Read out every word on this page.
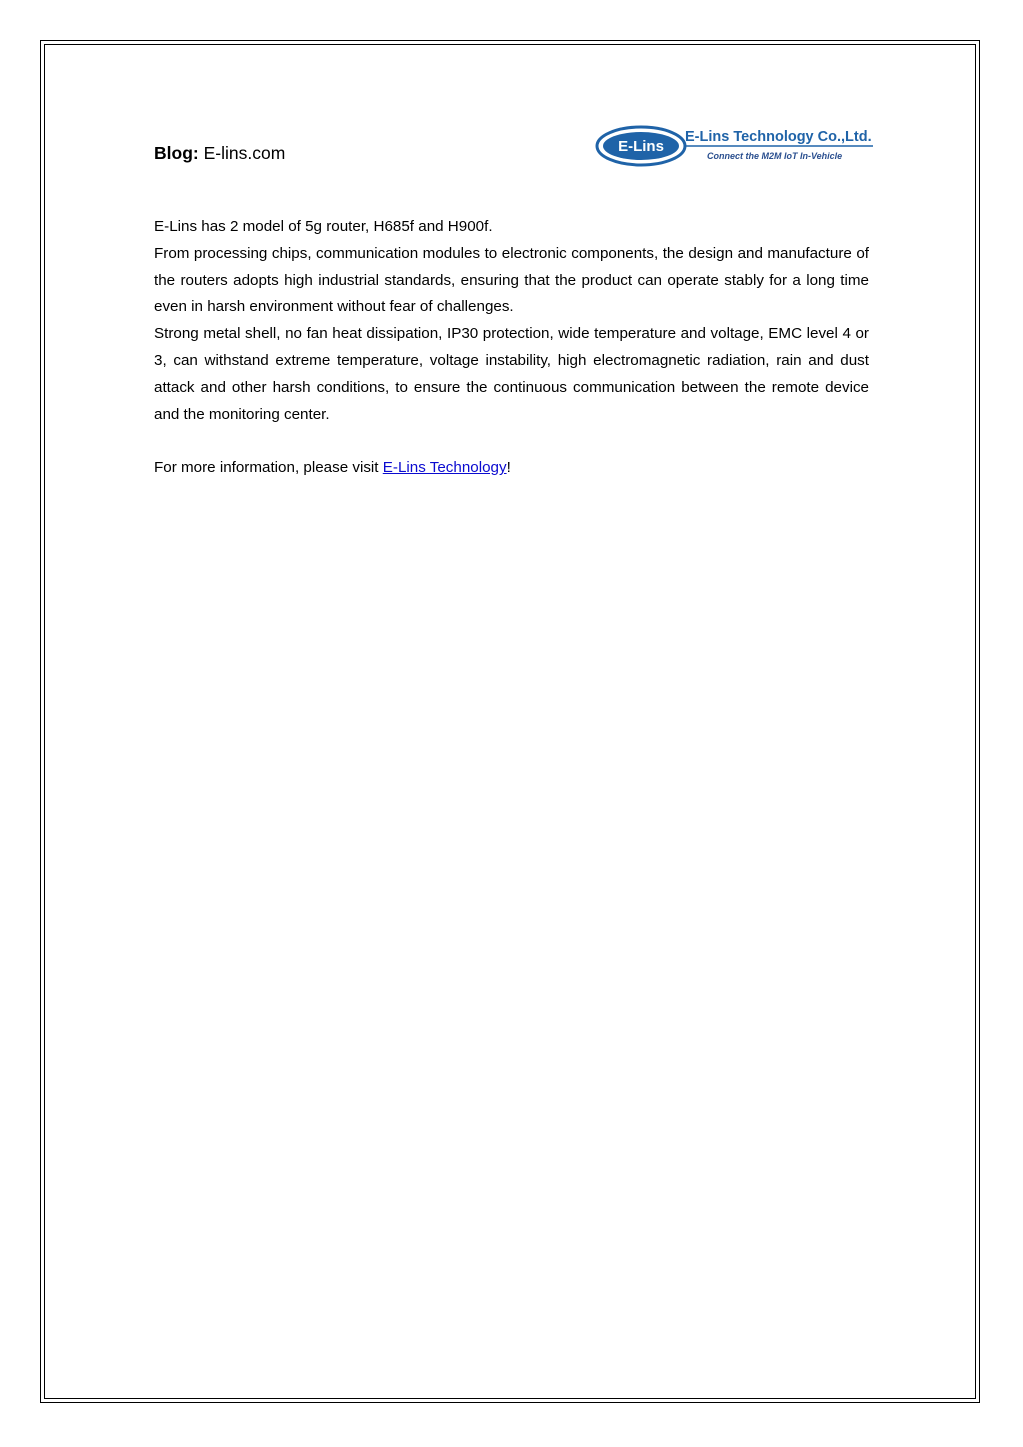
Blog: E-lins.com	E-Lins
E-Lins Technology Co.,Ltd.
Connect the M2M IoT In-Vehicle

E-Lins has 2 model of 5g router, H685f and H900f.

From processing chips, communication modules to electronic components, the design and manufacture of the routers adopts high industrial standards, ensuring that the product can operate stably for a long time even in harsh environment without fear of challenges.

Strong metal shell, no fan heat dissipation, IP30 protection, wide temperature and voltage, EMC level 4 or 3, can withstand extreme temperature, voltage instability, high electromagnetic radiation, rain and dust attack and other harsh conditions, to ensure the continuous communication between the remote device and the monitoring center.

For more information, please visit E-Lins Technology!
